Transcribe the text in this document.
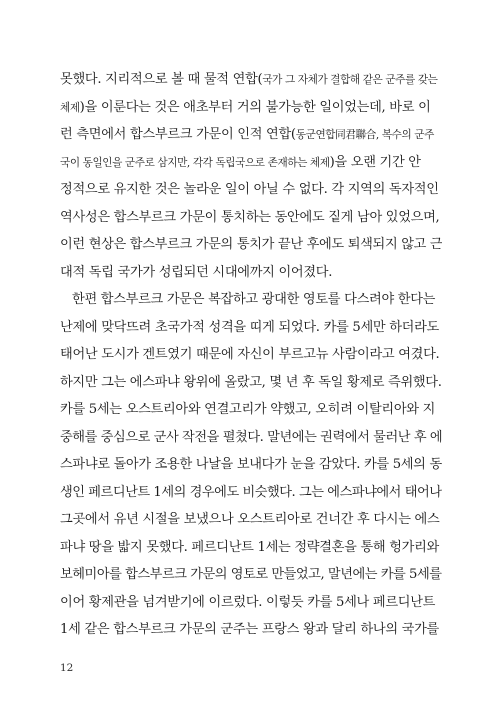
못했다. 지리적으로 볼 때 물적 연합(국가 그 자체가 결합해 같은 군주를 갖는
체제)을 이룬다는 것은 애초부터 거의 불가능한 일이었는데, 바로 이
런 측면에서 합스부르크 가문이 인적 연합(동군연합同君聯合, 복수의 군주
국이 동일인을 군주로 삼지만, 각각 독립국으로 존재하는 체제)을 오랜 기간 안
정적으로 유지한 것은 놀라운 일이 아닐 수 없다. 각 지역의 독자적인
역사성은 합스부르크 가문이 통치하는 동안에도 짙게 남아 있었으며,
이런 현상은 합스부르크 가문의 통치가 끝난 후에도 퇴색되지 않고 근
대적 독립 국가가 성립되던 시대에까지 이어졌다.
한편 합스부르크 가문은 복잡하고 광대한 영토를 다스려야 한다는
난제에 맞닥뜨려 초국가적 성격을 띠게 되었다. 카를 5세만 하더라도
태어난 도시가 겐트였기 때문에 자신이 부르고뉴 사람이라고 여겼다.
하지만 그는 에스파냐 왕위에 올랐고, 몇 년 후 독일 황제로 즉위했다.
카를 5세는 오스트리아와 연결고리가 약했고, 오히려 이탈리아와 지
중해를 중심으로 군사 작전을 펼쳤다. 말년에는 권력에서 물러난 후 에
스파냐로 돌아가 조용한 나날을 보내다가 눈을 감았다. 카를 5세의 동
생인 페르디난트 1세의 경우에도 비슷했다. 그는 에스파냐에서 태어나
그곳에서 유년 시절을 보냈으나 오스트리아로 건너간 후 다시는 에스
파냐 땅을 밟지 못했다. 페르디난트 1세는 정략결혼을 통해 헝가리와
보헤미아를 합스부르크 가문의 영토로 만들었고, 말년에는 카를 5세를
이어 황제관을 넘겨받기에 이르렀다. 이렇듯 카를 5세나 페르디난트
1세 같은 합스부르크 가문의 군주는 프랑스 왕과 달리 하나의 국가를
12
